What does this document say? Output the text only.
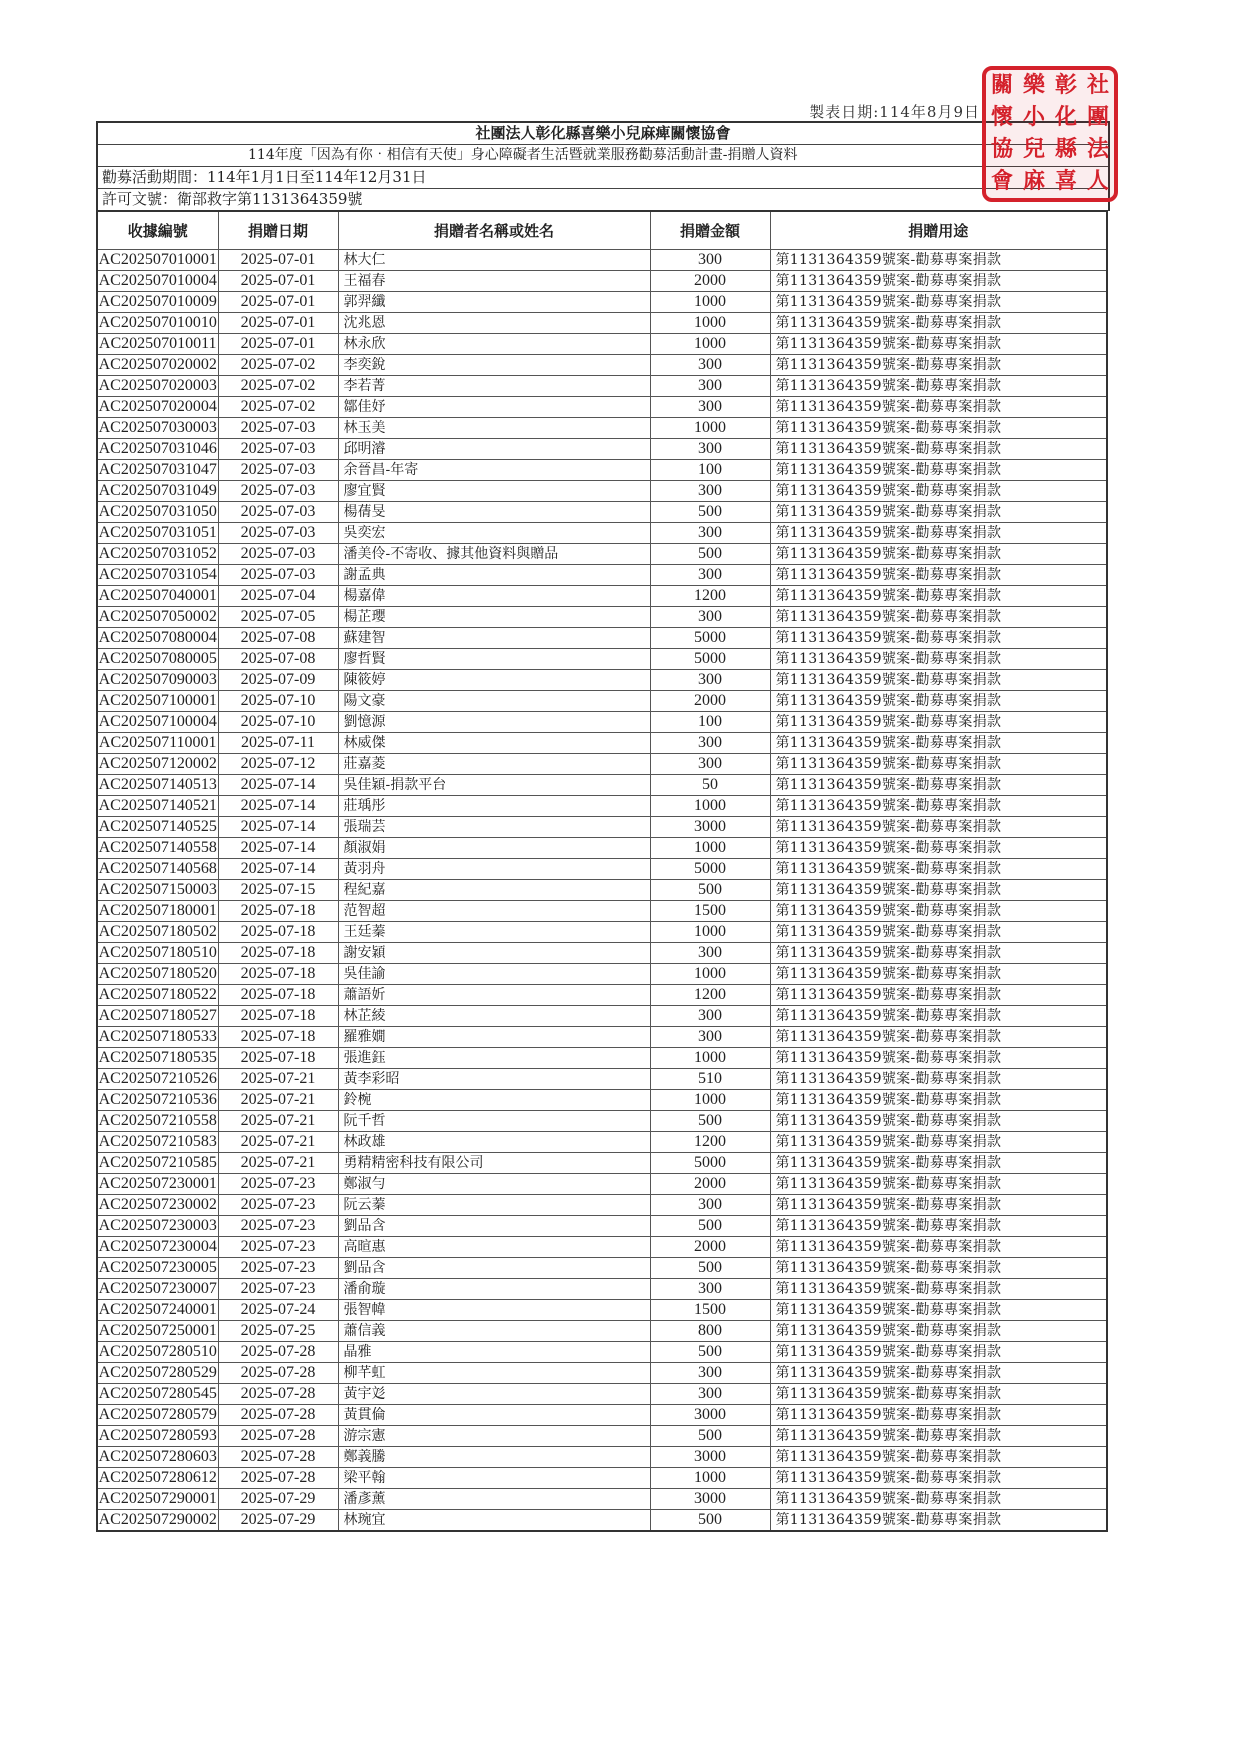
製表日期:114年8月9日
社團法人彰化縣喜樂小兒麻痺關懷協會
114年度「因為有你‧相信有天使」身心障礙者生活暨就業服務勸募活動計畫-捐贈人資料
勸募活動期間：114年1月1日至114年12月31日
許可文號：衛部救字第1131364359號
收據編號	捐贈日期	捐贈者名稱或姓名	捐贈金額	捐贈用途
AC202507010001	2025-07-01	林大仁	300	第1131364359號案-勸募專案捐款
AC202507010004	2025-07-01	王福春	2000	第1131364359號案-勸募專案捐款
AC202507010009	2025-07-01	郭羿纖	1000	第1131364359號案-勸募專案捐款
AC202507010010	2025-07-01	沈兆恩	1000	第1131364359號案-勸募專案捐款
AC202507010011	2025-07-01	林永欣	1000	第1131364359號案-勸募專案捐款
AC202507020002	2025-07-02	李奕銳	300	第1131364359號案-勸募專案捐款
AC202507020003	2025-07-02	李若菁	300	第1131364359號案-勸募專案捐款
AC202507020004	2025-07-02	鄒佳妤	300	第1131364359號案-勸募專案捐款
AC202507030003	2025-07-03	林玉美	1000	第1131364359號案-勸募專案捐款
AC202507031046	2025-07-03	邱明濬	300	第1131364359號案-勸募專案捐款
AC202507031047	2025-07-03	余晉昌-年寄	100	第1131364359號案-勸募專案捐款
AC202507031049	2025-07-03	廖宜賢	300	第1131364359號案-勸募專案捐款
AC202507031050	2025-07-03	楊蒨旻	500	第1131364359號案-勸募專案捐款
AC202507031051	2025-07-03	吳奕宏	300	第1131364359號案-勸募專案捐款
AC202507031052	2025-07-03	潘美伶-不寄收、據其他資料與贈品	500	第1131364359號案-勸募專案捐款
AC202507031054	2025-07-03	謝孟典	300	第1131364359號案-勸募專案捐款
AC202507040001	2025-07-04	楊嘉偉	1200	第1131364359號案-勸募專案捐款
AC202507050002	2025-07-05	楊芷瓔	300	第1131364359號案-勸募專案捐款
AC202507080004	2025-07-08	蘇建智	5000	第1131364359號案-勸募專案捐款
AC202507080005	2025-07-08	廖哲賢	5000	第1131364359號案-勸募專案捐款
AC202507090003	2025-07-09	陳筱婷	300	第1131364359號案-勸募專案捐款
AC202507100001	2025-07-10	陽文豪	2000	第1131364359號案-勸募專案捐款
AC202507100004	2025-07-10	劉憶源	100	第1131364359號案-勸募專案捐款
AC202507110001	2025-07-11	林威傑	300	第1131364359號案-勸募專案捐款
AC202507120002	2025-07-12	莊嘉菱	300	第1131364359號案-勸募專案捐款
AC202507140513	2025-07-14	吳佳穎-捐款平台	50	第1131364359號案-勸募專案捐款
AC202507140521	2025-07-14	莊瑀彤	1000	第1131364359號案-勸募專案捐款
AC202507140525	2025-07-14	張瑞芸	3000	第1131364359號案-勸募專案捐款
AC202507140558	2025-07-14	顏淑娟	1000	第1131364359號案-勸募專案捐款
AC202507140568	2025-07-14	黃羽舟	5000	第1131364359號案-勸募專案捐款
AC202507150003	2025-07-15	程紀嘉	500	第1131364359號案-勸募專案捐款
AC202507180001	2025-07-18	范智超	1500	第1131364359號案-勸募專案捐款
AC202507180502	2025-07-18	王廷蓁	1000	第1131364359號案-勸募專案捐款
AC202507180510	2025-07-18	謝安穎	300	第1131364359號案-勸募專案捐款
AC202507180520	2025-07-18	吳佳諭	1000	第1131364359號案-勸募專案捐款
AC202507180522	2025-07-18	蕭語妡	1200	第1131364359號案-勸募專案捐款
AC202507180527	2025-07-18	林芷綾	300	第1131364359號案-勸募專案捐款
AC202507180533	2025-07-18	羅雅嫺	300	第1131364359號案-勸募專案捐款
AC202507180535	2025-07-18	張進鈺	1000	第1131364359號案-勸募專案捐款
AC202507210526	2025-07-21	黃李彩昭	510	第1131364359號案-勸募專案捐款
AC202507210536	2025-07-21	鈴椀	1000	第1131364359號案-勸募專案捐款
AC202507210558	2025-07-21	阮千哲	500	第1131364359號案-勸募專案捐款
AC202507210583	2025-07-21	林政雄	1200	第1131364359號案-勸募專案捐款
AC202507210585	2025-07-21	勇精精密科技有限公司	5000	第1131364359號案-勸募專案捐款
AC202507230001	2025-07-23	鄭淑勻	2000	第1131364359號案-勸募專案捐款
AC202507230002	2025-07-23	阮云蓁	300	第1131364359號案-勸募專案捐款
AC202507230003	2025-07-23	劉品含	500	第1131364359號案-勸募專案捐款
AC202507230004	2025-07-23	高暄惠	2000	第1131364359號案-勸募專案捐款
AC202507230005	2025-07-23	劉品含	500	第1131364359號案-勸募專案捐款
AC202507230007	2025-07-23	潘俞璇	300	第1131364359號案-勸募專案捐款
AC202507240001	2025-07-24	張智幃	1500	第1131364359號案-勸募專案捐款
AC202507250001	2025-07-25	蕭信義	800	第1131364359號案-勸募專案捐款
AC202507280510	2025-07-28	晶雅	500	第1131364359號案-勸募專案捐款
AC202507280529	2025-07-28	柳芊虹	300	第1131364359號案-勸募專案捐款
AC202507280545	2025-07-28	黃宇彣	300	第1131364359號案-勸募專案捐款
AC202507280579	2025-07-28	黃貫倫	3000	第1131364359號案-勸募專案捐款
AC202507280593	2025-07-28	游宗憲	500	第1131364359號案-勸募專案捐款
AC202507280603	2025-07-28	鄭義騰	3000	第1131364359號案-勸募專案捐款
AC202507280612	2025-07-28	梁平翰	1000	第1131364359號案-勸募專案捐款
AC202507290001	2025-07-29	潘彥薰	3000	第1131364359號案-勸募專案捐款
AC202507290002	2025-07-29	林琬宜	500	第1131364359號案-勸募專案捐款
關 樂 彰 社
懷 小 化 團
協 兒 縣 法
會 麻 喜 人
